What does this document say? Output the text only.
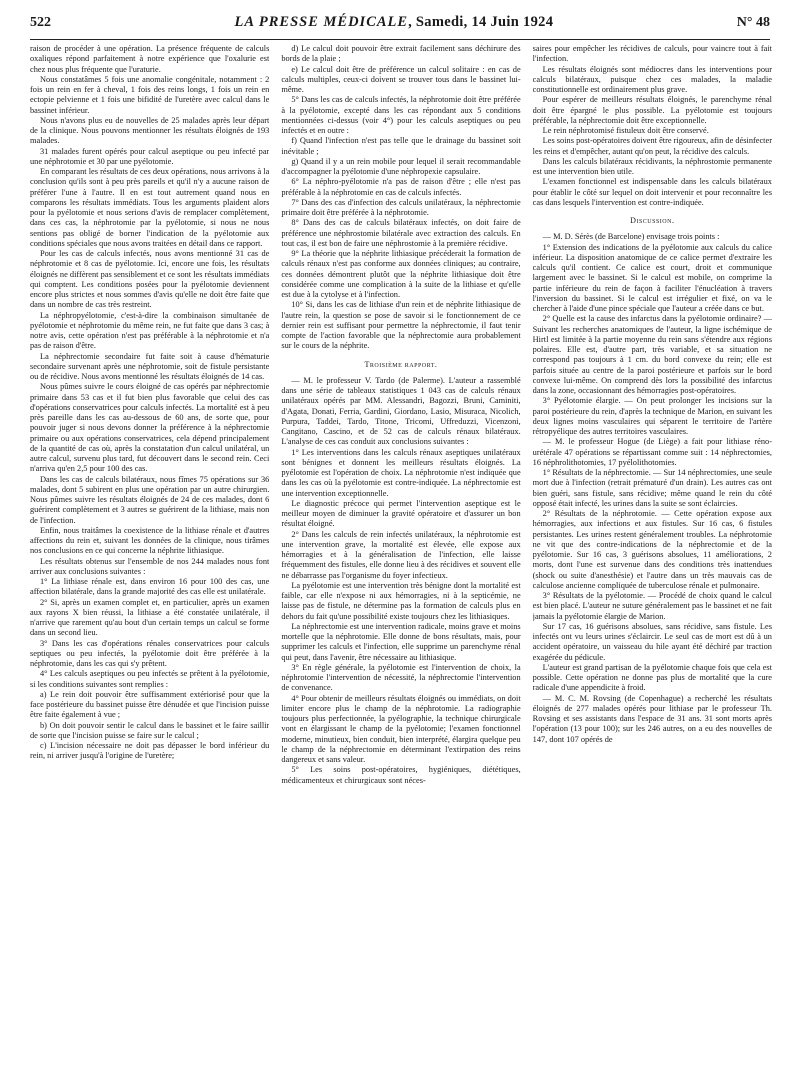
522	LA PRESSE MÉDICALE, Samedi, 14 Juin 1924	N° 48

raison de procéder à une opération. La présence fréquente de calculs oxaliques répond parfaitement à notre expérience que l'oxalurie est chez nous plus fréquente que l'uraturie.

Nous constatâmes 5 fois une anomalie congénitale, notamment : 2 fois un rein en fer à cheval, 1 fois des reins longs, 1 fois un rein en ectopie pelvienne et 1 fois une bifidité de l'uretère avec calcul dans le bassinet inférieur.

Nous n'avons plus eu de nouvelles de 25 malades après leur départ de la clinique. Nous pouvons mentionner les résultats éloignés de 193 malades.

31 malades furent opérés pour calcul aseptique ou peu infecté par une néphrotomie et 30 par une pyélotomie.

En comparant les résultats de ces deux opérations, nous arrivons à la conclusion qu'ils sont à peu près pareils et qu'il n'y a aucune raison de préférer l'une à l'autre. Il en est tout autrement quand nous en comparons les résultats immédiats. Tous les arguments plaident alors pour la pyélotomie et nous serions d'avis de remplacer complètement, dans ces cas, la néphrotomie par la pyélotomie, si nous ne nous sentions pas obligé de borner l'indication de la pyélotomie aux conditions spéciales que nous avons traitées en détail dans ce rapport.

Pour les cas de calculs infectés, nous avons mentionné 31 cas de néphrotomie et 8 cas de pyélotomie. Ici, encore une fois, les résultats éloignés ne diffèrent pas sensiblement et ce sont les résultats immédiats qui comptent. Les conditions posées pour la pyélotomie deviennent encore plus strictes et nous sommes d'avis qu'elle ne doit être faite que dans un nombre de cas très restreint.

La néphropyélotomie, c'est-à-dire la combinaison simultanée de pyélotomie et néphrotomie du même rein, ne fut faite que dans 3 cas; à notre avis, cette opération n'est pas préférable à la néphrotomie et n'a pas de raison d'être.

La néphrectomie secondaire fut faite soit à cause d'hématurie secondaire survenant après une néphrotomie, soit de fistule persistante ou de récidive. Nous avons mentionné les résultats éloignés de 14 cas.

Nous pûmes suivre le cours éloigné de cas opérés par néphrectomie primaire dans 53 cas et il fut bien plus favorable que celui des cas d'opérations conservatrices pour calculs infectés. La mortalité est à peu près pareille dans les cas au-dessous de 60 ans, de sorte que, pour pouvoir juger si nous devons donner la préférence à la néphrectomie primaire ou aux opérations conservatrices, cela dépend principalement de la quantité de cas où, après la constatation d'un calcul unilatéral, un autre calcul, survenu plus tard, fut découvert dans le second rein. Ceci n'arriva qu'en 2,5 pour 100 des cas.

Dans les cas de calculs bilatéraux, nous fîmes 75 opérations sur 36 malades, dont 5 subirent en plus une opération par un autre chirurgien. Nous pûmes suivre les résultats éloignés de 24 de ces malades, dont 6 guérirent complètement et 3 autres se guérirent de la lithiase, mais non de l'infection.

Enfin, nous traitâmes la coexistence de la lithiase rénale et d'autres affections du rein et, suivant les données de la clinique, nous tirâmes nos conclusions en ce qui concerne la néphrite lithiasique.

Les résultats obtenus sur l'ensemble de nos 244 malades nous font arriver aux conclusions suivantes :

1° La lithiase rénale est, dans environ 16 pour 100 des cas, une affection bilatérale, dans la grande majorité des cas elle est unilatérale.

2° Si, après un examen complet et, en particulier, après un examen aux rayons X bien réussi, la lithiase a été constatée unilatérale, il n'arrive que rarement qu'au bout d'un certain temps un calcul se forme dans un second lieu.

3° Dans les cas d'opérations rénales conservatrices pour calculs septiques ou peu infectés, la pyélotomie doit être préférée à la néphrotomie, dans les cas qui s'y prêtent.

4° Les calculs aseptiques ou peu infectés se prêtent à la pyélotomie, si les conditions suivantes sont remplies :

a) Le rein doit pouvoir être suffisamment extériorisé pour que la face postérieure du bassinet puisse être dénudée et que l'incision puisse être faite également à vue ;

b) On doit pouvoir sentir le calcul dans le bassinet et le faire saillir de sorte que l'incision puisse se faire sur le calcul ;

c) L'incision nécessaire ne doit pas dépasser le bord inférieur du rein, ni arriver jusqu'à l'origine de l'uretère;

d) Le calcul doit pouvoir être extrait facilement sans déchirure des bords de la plaie ;

e) Le calcul doit être de préférence un calcul solitaire : en cas de calculs multiples, ceux-ci doivent se trouver tous dans le bassinet lui-même.

5° Dans les cas de calculs infectés, la néphrotomie doit être préférée à la pyélotomie, excepté dans les cas répondant aux 5 conditions mentionnées ci-dessus (voir 4°) pour les calculs aseptiques ou peu infectés et en outre :

f) Quand l'infection n'est pas telle que le drainage du bassinet soit inévitable ;

g) Quand il y a un rein mobile pour lequel il serait recommandable d'accompagner la pyélotomie d'une néphropexie capsulaire.

6° La néphro-pyélotomie n'a pas de raison d'être ; elle n'est pas préférable à la néphrotomie en cas de calculs infectés.

7° Dans des cas d'infection des calculs unilatéraux, la néphrectomie primaire doit être préférée à la néphrotomie.

8° Dans des cas de calculs bilatéraux infectés, on doit faire de préférence une néphrostomie bilatérale avec extraction des calculs. En tout cas, il est bon de faire une néphrostomie à la première récidive.

9° La théorie que la néphrite lithiasique précéderait la formation de calculs rénaux n'est pas conforme aux données cliniques; au contraire, ces données démontrent plutôt que la néphrite lithiasique doit être considérée comme une complication à la suite de la lithiase et qu'elle est due à la cytolyse et à l'infection.

10° Si, dans les cas de lithiase d'un rein et de néphrite lithiasique de l'autre rein, la question se pose de savoir si le fonctionnement de ce dernier rein est suffisant pour permettre la néphrectomie, il faut tenir compte de l'action favorable que la néphrectomie aura probablement sur le cours de la néphrite.

Troisième rapport.

— M. le professeur V. Tardo (de Palerme). L'auteur a rassemblé dans une série de tableaux statistiques 1 043 cas de calculs rénaux unilatéraux opérés par MM. Alessandri, Bagozzi, Bruni, Caminiti, d'Agata, Donati, Ferria, Gardini, Giordano, Lasio, Misuraca, Nicolich, Purpura, Taddei, Tardo, Titone, Tricomi, Uffreduzzi, Vicenzoni, Cangitano, Cascino, et de 52 cas de calculs rénaux bilatéraux. L'analyse de ces cas conduit aux conclusions suivantes :

1° Les interventions dans les calculs rénaux aseptiques unilatéraux sont bénignes et donnent les meilleurs résultats éloignés. La pyélotomie est l'opération de choix. La néphrotomie n'est indiquée que dans les cas où la pyélotomie est contre-indiquée. La néphrectomie est une intervention exceptionnelle.

Le diagnostic précoce qui permet l'intervention aseptique est le meilleur moyen de diminuer la gravité opératoire et d'assurer un bon résultat éloigné.

2° Dans les calculs de rein infectés unilatéraux, la néphrotomie est une intervention grave, la mortalité est élevée, elle expose aux hémorragies et à la généralisation de l'infection, elle laisse fréquemment des fistules, elle donne lieu à des récidives et souvent elle ne débarrasse pas l'organisme du foyer infectieux.

La pyélotomie est une intervention très bénigne dont la mortalité est faible, car elle n'expose ni aux hémorragies, ni à la septicémie, ne laisse pas de fistule, ne détermine pas la formation de calculs plus en dehors du fait qu'une possibilité existe toujours chez les lithiasiques.

La néphrectomie est une intervention radicale, moins grave et moins mortelle que la néphrotomie. Elle donne de bons résultats, mais, pour supprimer les calculs et l'infection, elle supprime un parenchyme rénal qui peut, dans l'avenir, être nécessaire au lithiasique.

3° En règle générale, la pyélotomie est l'intervention de choix, la néphrotomie l'intervention de nécessité, la néphrectomie l'intervention de convenance.

4° Pour obtenir de meilleurs résultats éloignés ou immédiats, on doit limiter encore plus le champ de la néphrotomie. La radiographie toujours plus perfectionnée, la pyélographie, la technique chirurgicale vont en élargissant le champ de la pyélotomie; l'examen fonctionnel moderne, minutieux, bien conduit, bien interprété, élargira quelque peu le champ de la néphrectomie en déterminant l'extirpation des reins dangereux et sans valeur.

5° Les soins post-opératoires, hygiéniques, diététiques, médicamenteux et chirurgicaux sont néces-

saires pour empêcher les récidives de calculs, pour vaincre tout à fait l'infection.

Les résultats éloignés sont médiocres dans les interventions pour calculs bilatéraux, puisque chez ces malades, la maladie constitutionnelle est ordinairement plus grave.

Pour espérer de meilleurs résultats éloignés, le parenchyme rénal doit être épargné le plus possible. La pyélotomie est toujours préférable, la néphrectomie doit être exceptionnelle.

Le rein néphrotomisé fistuleux doit être conservé.

Les soins post-opératoires doivent être rigoureux, afin de désinfecter les reins et d'empêcher, autant qu'on peut, la récidive des calculs.

Dans les calculs bilatéraux récidivants, la néphrostomie permanente est une intervention bien utile.

L'examen fonctionnel est indispensable dans les calculs bilatéraux pour établir le côté sur lequel on doit intervenir et pour reconnaître les cas dans lesquels l'intervention est contre-indiquée.

Discussion.

— M. D. Sérès (de Barcelone) envisage trois points :

1° Extension des indications de la pyélotomie aux calculs du calice inférieur. La disposition anatomique de ce calice permet d'extraire les calculs qu'il contient. Ce calice est court, droit et communique largement avec le bassinet. Si le calcul est mobile, on comprime la partie inférieure du rein de façon à faciliter l'énucléation à travers l'inversion du bassinet. Si le calcul est irrégulier et fixé, on va le chercher à l'aide d'une pince spéciale que l'auteur a créée dans ce but.

2° Quelle est la cause des infarctus dans la pyélotomie ordinaire? — Suivant les recherches anatomiques de l'auteur, la ligne ischémique de Hirtl est limitée à la partie moyenne du rein sans s'étendre aux régions polaires. Elle est, d'autre part, très variable, et sa situation ne correspond pas toujours à 1 cm. du bord convexe du rein; elle est parfois située au centre de la paroi postérieure et parfois sur le bord convexe lui-même. On comprend dès lors la possibilité des infarctus dans la zone, occasionnant des hémorragies post-opératoires.

3° Pyélotomie élargie. — On peut prolonger les incisions sur la paroi postérieure du rein, d'après la technique de Marion, en suivant les deux lignes moins vasculaires qui séparent le territoire de l'artère rétropyélique des autres territoires vasculaires.

— M. le professeur Hogue (de Liège) a fait pour lithiase réno-urétérale 47 opérations se répartissant comme suit : 14 néphrectomies, 16 néphrolithotomies, 17 pyélolithotomies.

1° Résultats de la néphrectomie. — Sur 14 néphrectomies, une seule mort due à l'infection (retrait prématuré d'un drain). Les autres cas ont bien guéri, sans fistule, sans récidive; même quand le rein du côté opposé était infecté, les urines dans la suite se sont éclaircies.

2° Résultats de la néphrotomie. — Cette opération expose aux hémorragies, aux infections et aux fistules. Sur 16 cas, 6 fistules persistantes. Les urines restent généralement troubles. La néphrotomie ne vit que des contre-indications de la néphrectomie et de la pyélotomie. Sur 16 cas, 3 guérisons absolues, 11 améliorations, 2 morts, dont l'une est survenue dans des conditions très inattendues (shock ou suite d'anesthésie) et l'autre dans un très mauvais cas de calculose ancienne compliquée de tuberculose rénale et pulmonaire.

3° Résultats de la pyélotomie. — Procédé de choix quand le calcul est bien placé. L'auteur ne suture généralement pas le bassinet et ne fait jamais la pyélotomie élargie de Marion.

Sur 17 cas, 16 guérisons absolues, sans récidive, sans fistule. Les infectés ont vu leurs urines s'éclaircir. Le seul cas de mort est dû à un accident opératoire, un vaisseau du hile ayant été déchiré par traction exagérée du pédicule.

L'auteur est grand partisan de la pyélotomie chaque fois que cela est possible. Cette opération ne donne pas plus de mortalité que la cure radicale d'une appendicite à froid.

— M. C. M. Rovsing (de Copenhague) a recherché les résultats éloignés de 277 malades opérés pour lithiase par le professeur Th. Rovsing et ses assistants dans l'espace de 31 ans. 31 sont morts après l'opération (13 pour 100); sur les 246 autres, on a eu des nouvelles de 147, dont 107 opérés de
